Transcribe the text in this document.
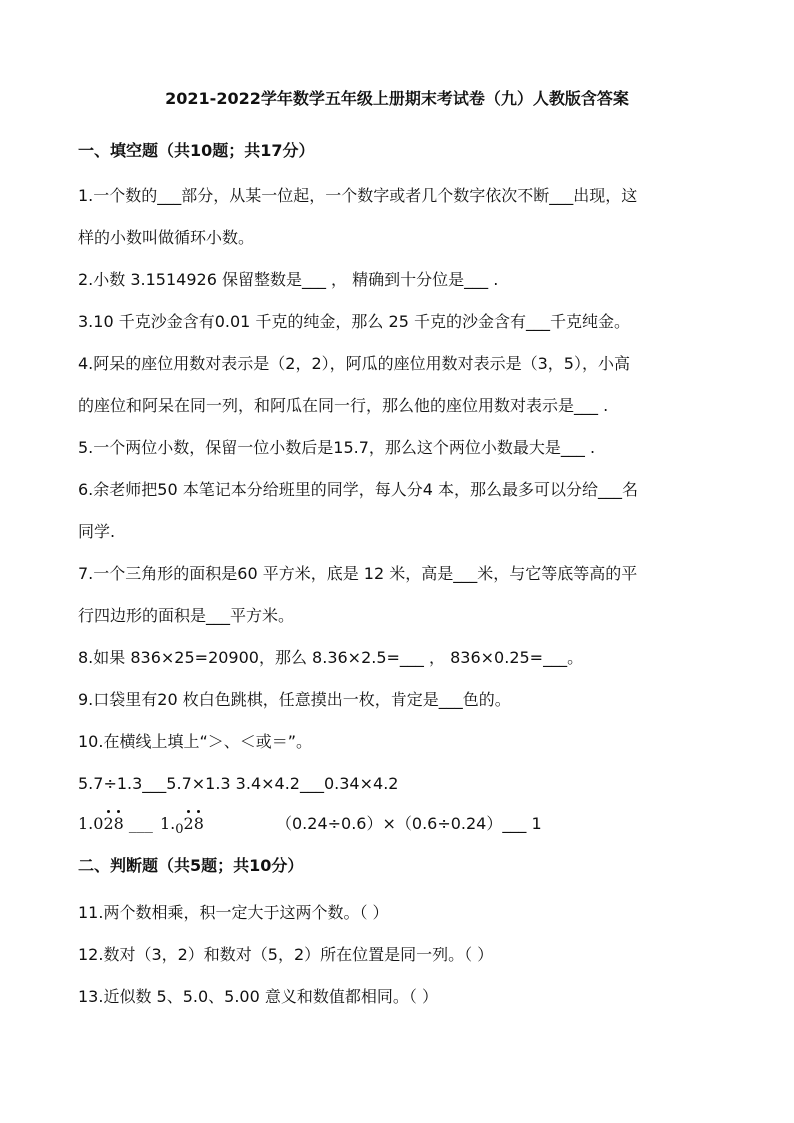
2021-2022学年数学五年级上册期末考试卷（九）人教版含答案
一、填空题（共10题；共17分）
1.一个数的___部分，从某一位起，一个数字或者几个数字依次不断___出现，这
样的小数叫做循环小数。
2.小数 3.1514926 保留整数是___ ， 精确到十分位是___ .
3.10 千克沙金含有0.01 千克的纯金，那么 25 千克的沙金含有___千克纯金。
4.阿呆的座位用数对表示是（2，2），阿瓜的座位用数对表示是（3，5），小高
的座位和阿呆在同一列，和阿瓜在同一行，那么他的座位用数对表示是___ .
5.一个两位小数，保留一位小数后是15.7，那么这个两位小数最大是___ .
6.余老师把50 本笔记本分给班里的同学，每人分4 本，那么最多可以分给___名
同学.
7.一个三角形的面积是60 平方米，底是 12 米，高是___米，与它等底等高的平
行四边形的面积是___平方米。
8.如果 836×25=20900，那么 8.36×2.5=___ ， 836×0.25=___。
9.口袋里有20 枚白色跳棋，任意摸出一枚，肯定是___色的。
10.在横线上填上“＞、＜或＝”。
5.7÷1.3___5.7×1.3 3.4×4.2___0.34×4.2
1.028 ___ $1._028$	（0.24÷0.6）×（0.6÷0.24）___ 1
二、判断题（共5题；共10分）
11.两个数相乘，积一定大于这两个数。（ ）
12.数对（3，2）和数对（5，2）所在位置是同一列。（ ）
13.近似数 5、5.0、5.00 意义和数值都相同。（ ）
